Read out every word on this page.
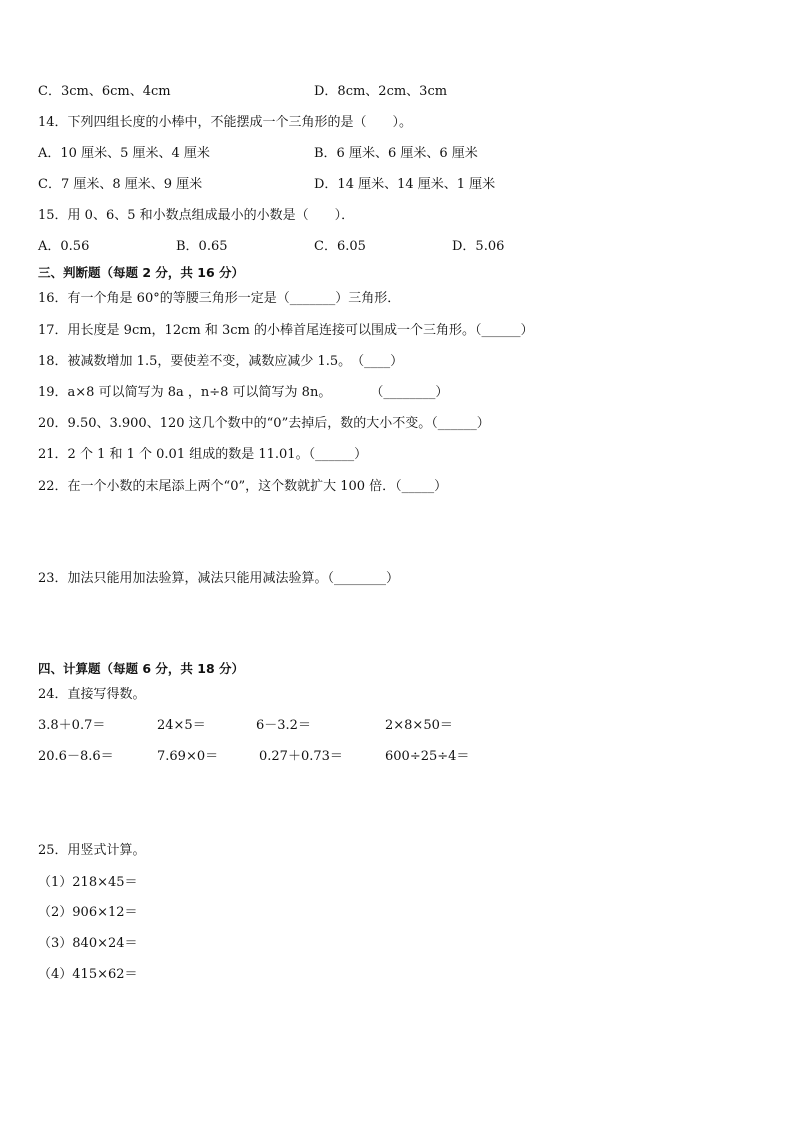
C．3cm、6cm、4cm	D．8cm、2cm、3cm
14．下列四组长度的小棒中，不能摆成一个三角形的是（　　）。
A．10 厘米、5 厘米、4 厘米	B．6 厘米、6 厘米、6 厘米
C．7 厘米、8 厘米、9 厘米	D．14 厘米、14 厘米、1 厘米
15．用 0、6、5 和小数点组成最小的小数是（　　）．
A．0.56	B．0.65	C．6.05	D．5.06
三、判断题（每题 2 分，共 16 分）
16．有一个角是 60°的等腰三角形一定是（_______）三角形．
17．用长度是 9cm，12cm 和 3cm 的小棒首尾连接可以围成一个三角形。（______）
18．被减数增加 1.5，要使差不变，减数应减少 1.5。　（____）
19．a×8 可以简写为 8a ，n÷8 可以简写为 8n。　　　　（________）
20．9.50、3.900、120 这几个数中的“0”去掉后，数的大小不变。（______）
21．2 个 1 和 1 个 0.01 组成的数是 11.01。（______）
22．在一个小数的末尾添上两个“0”，这个数就扩大 100 倍．（_____）
23．加法只能用加法验算，减法只能用减法验算。（________）
四、计算题（每题 6 分，共 18 分）
24．直接写得数。
3.8＋0.7＝	24×5＝	6－3.2＝	2×8×50＝
20.6－8.6＝	7.69×0＝	0.27＋0.73＝	600÷25÷4＝
25．用竖式计算。
（1）218×45＝
（2）906×12＝
（3）840×24＝
（4）415×62＝
